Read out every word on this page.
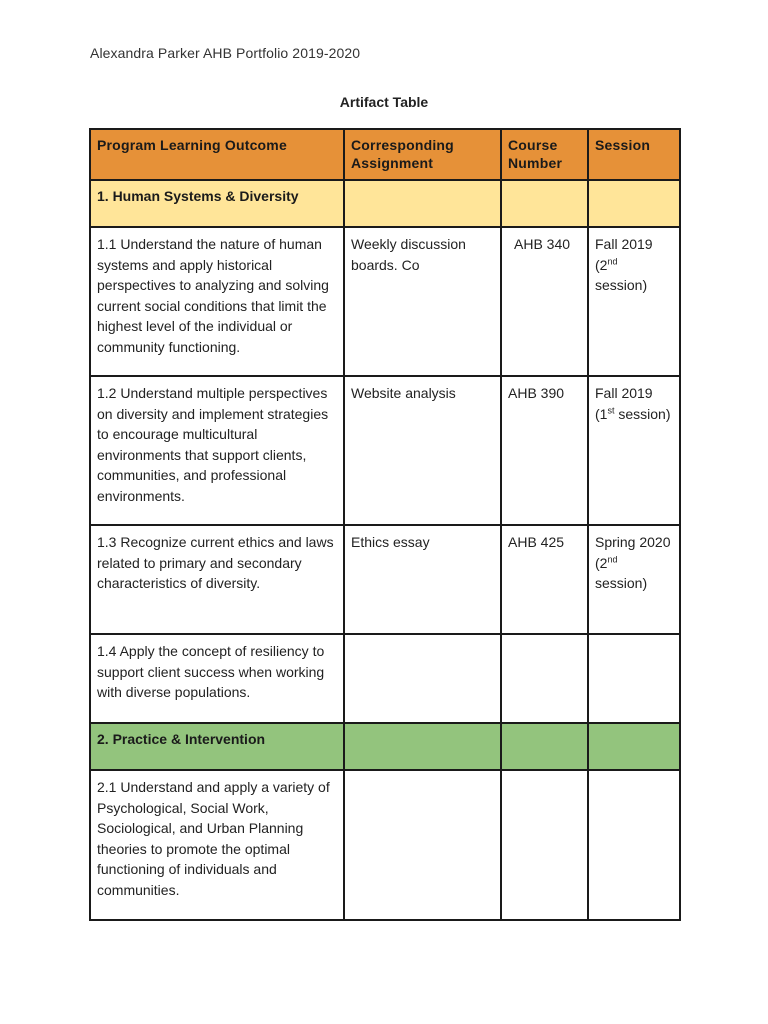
Alexandra Parker AHB Portfolio 2019-2020
Artifact Table
Program Learning Outcome	Corresponding Assignment	Course Number	Session
1. Human Systems & Diversity			
1.1 Understand the nature of human systems and apply historical perspectives to analyzing and solving current social conditions that limit the highest level of the individual or community functioning.	Weekly discussion boards. Co	AHB 340	Fall 2019 (2nd session)
1.2 Understand multiple perspectives on diversity and implement strategies to encourage multicultural environments that support clients, communities, and professional environments.	Website analysis	AHB 390	Fall 2019 (1st session)
1.3 Recognize current ethics and laws related to primary and secondary characteristics of diversity.	Ethics essay	AHB 425	Spring 2020 (2nd session)
1.4 Apply the concept of resiliency to support client success when working with diverse populations.			
2. Practice & Intervention			
2.1 Understand and apply a variety of Psychological, Social Work, Sociological, and Urban Planning theories to promote the optimal functioning of individuals and communities.			
